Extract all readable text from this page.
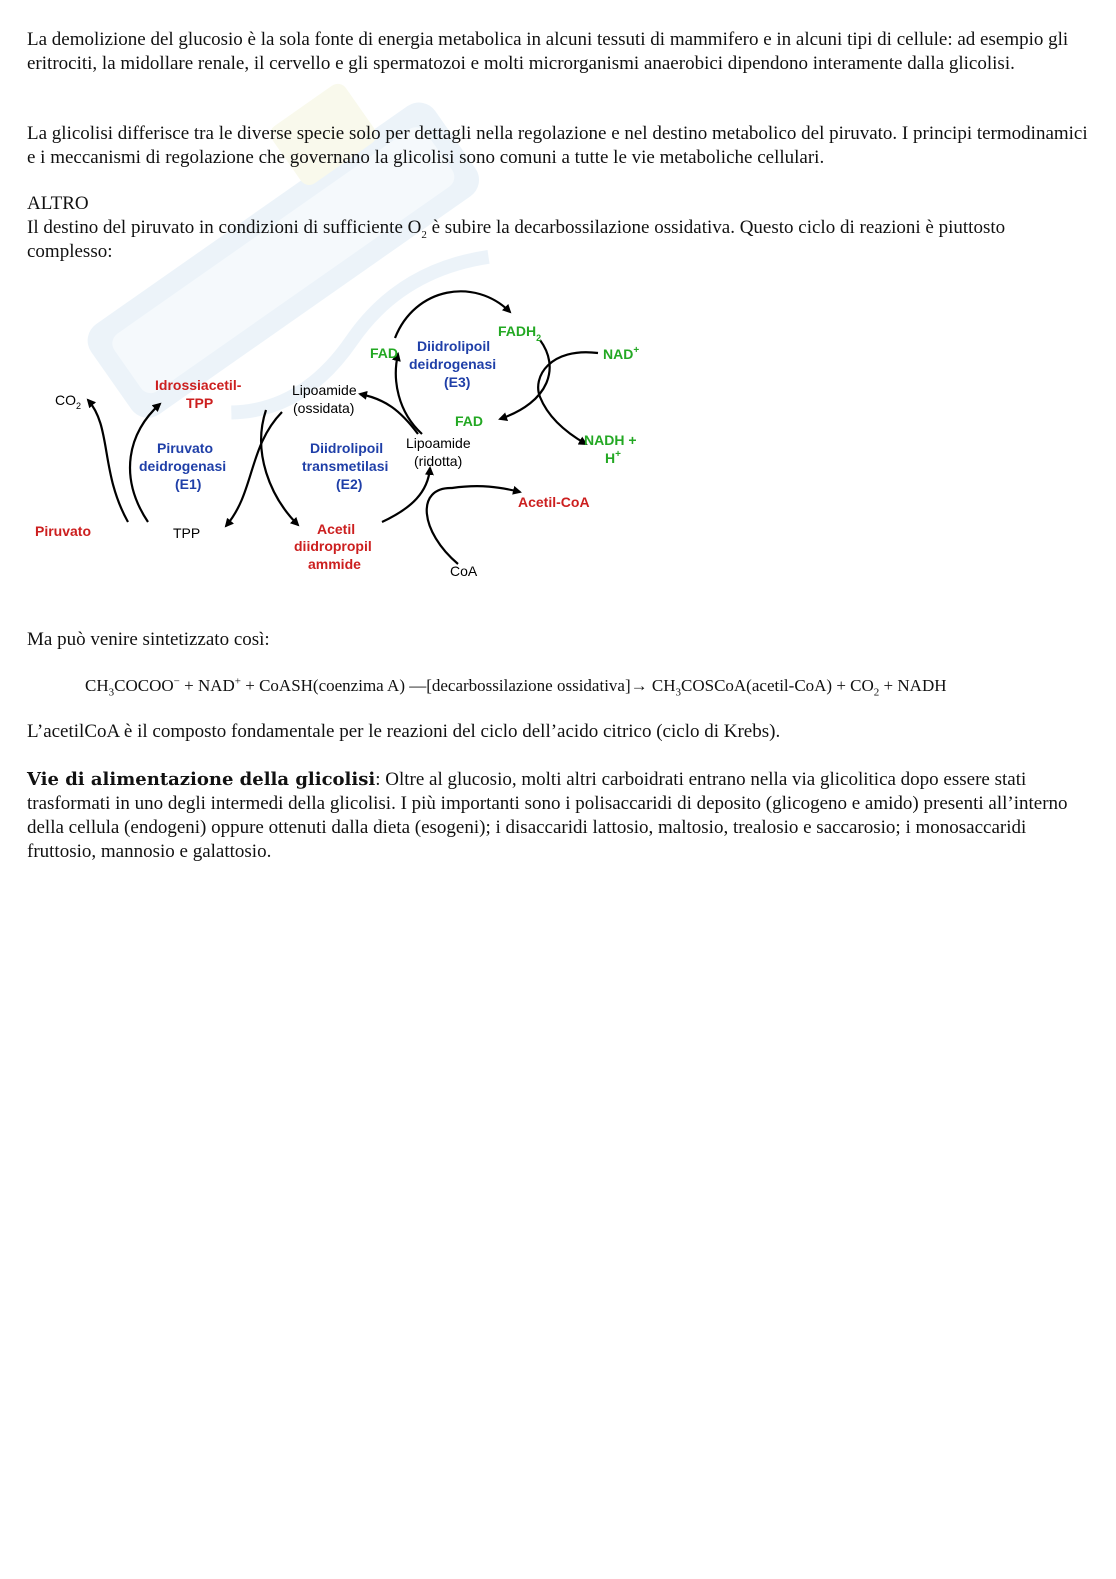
La demolizione del glucosio è la sola fonte di energia metabolica in alcuni tessuti di mammifero e in alcuni tipi di cellule: ad esempio gli eritrociti, la midollare renale, il cervello e gli spermatozoi e molti microrganismi anaerobici dipendono interamente dalla glicolisi.

La glicolisi differisce tra le diverse specie solo per dettagli nella regolazione e nel destino metabolico del piruvato. I principi termodinamici e i meccanismi di regolazione che governano la glicolisi sono comuni a tutte le vie metaboliche cellulari.

ALTRO
Il destino del piruvato in condizioni di sufficiente $O_2$ è subire la decarbossilazione ossidativa. Questo ciclo di reazioni è piuttosto complesso:
$CO_2$
Idrossiacetil-
TPP
Piruvato
deidrogenasi
(E1)
Piruvato	TPP
Lipoamide
(ossidata)
Diidrolipoil
transmetilasi
(E2)
Acetil
diidropropil
ammide
Lipoamide
(ridotta)
Acetil-CoA
CoA
FAD
$FADH_2$
Diidrolipoil
deidrogenasi
(E3)
FAD
NAD+
NADH +
H+

Ma può venire sintetizzato così:

$CH_3COCOO^- + NAD^+$ + CoASH(coenzima A) —[decarbossilazione ossidativa]→ $CH_3COSCoA(acetil-CoA) + CO_2$ + NADH

L’acetilCoA è il composto fondamentale per le reazioni del ciclo dell’acido citrico (ciclo di Krebs).

Vie di alimentazione della glicolisi: Oltre al glucosio, molti altri carboidrati entrano nella via glicolitica dopo essere stati trasformati in uno degli intermedi della glicolisi. I più importanti sono i polisaccaridi di deposito (glicogeno e amido) presenti all’interno della cellula (endogeni) oppure ottenuti dalla dieta (esogeni); i disaccaridi lattosio, maltosio, trealosio e saccarosio; i monosaccaridi fruttosio, mannosio e galattosio.
